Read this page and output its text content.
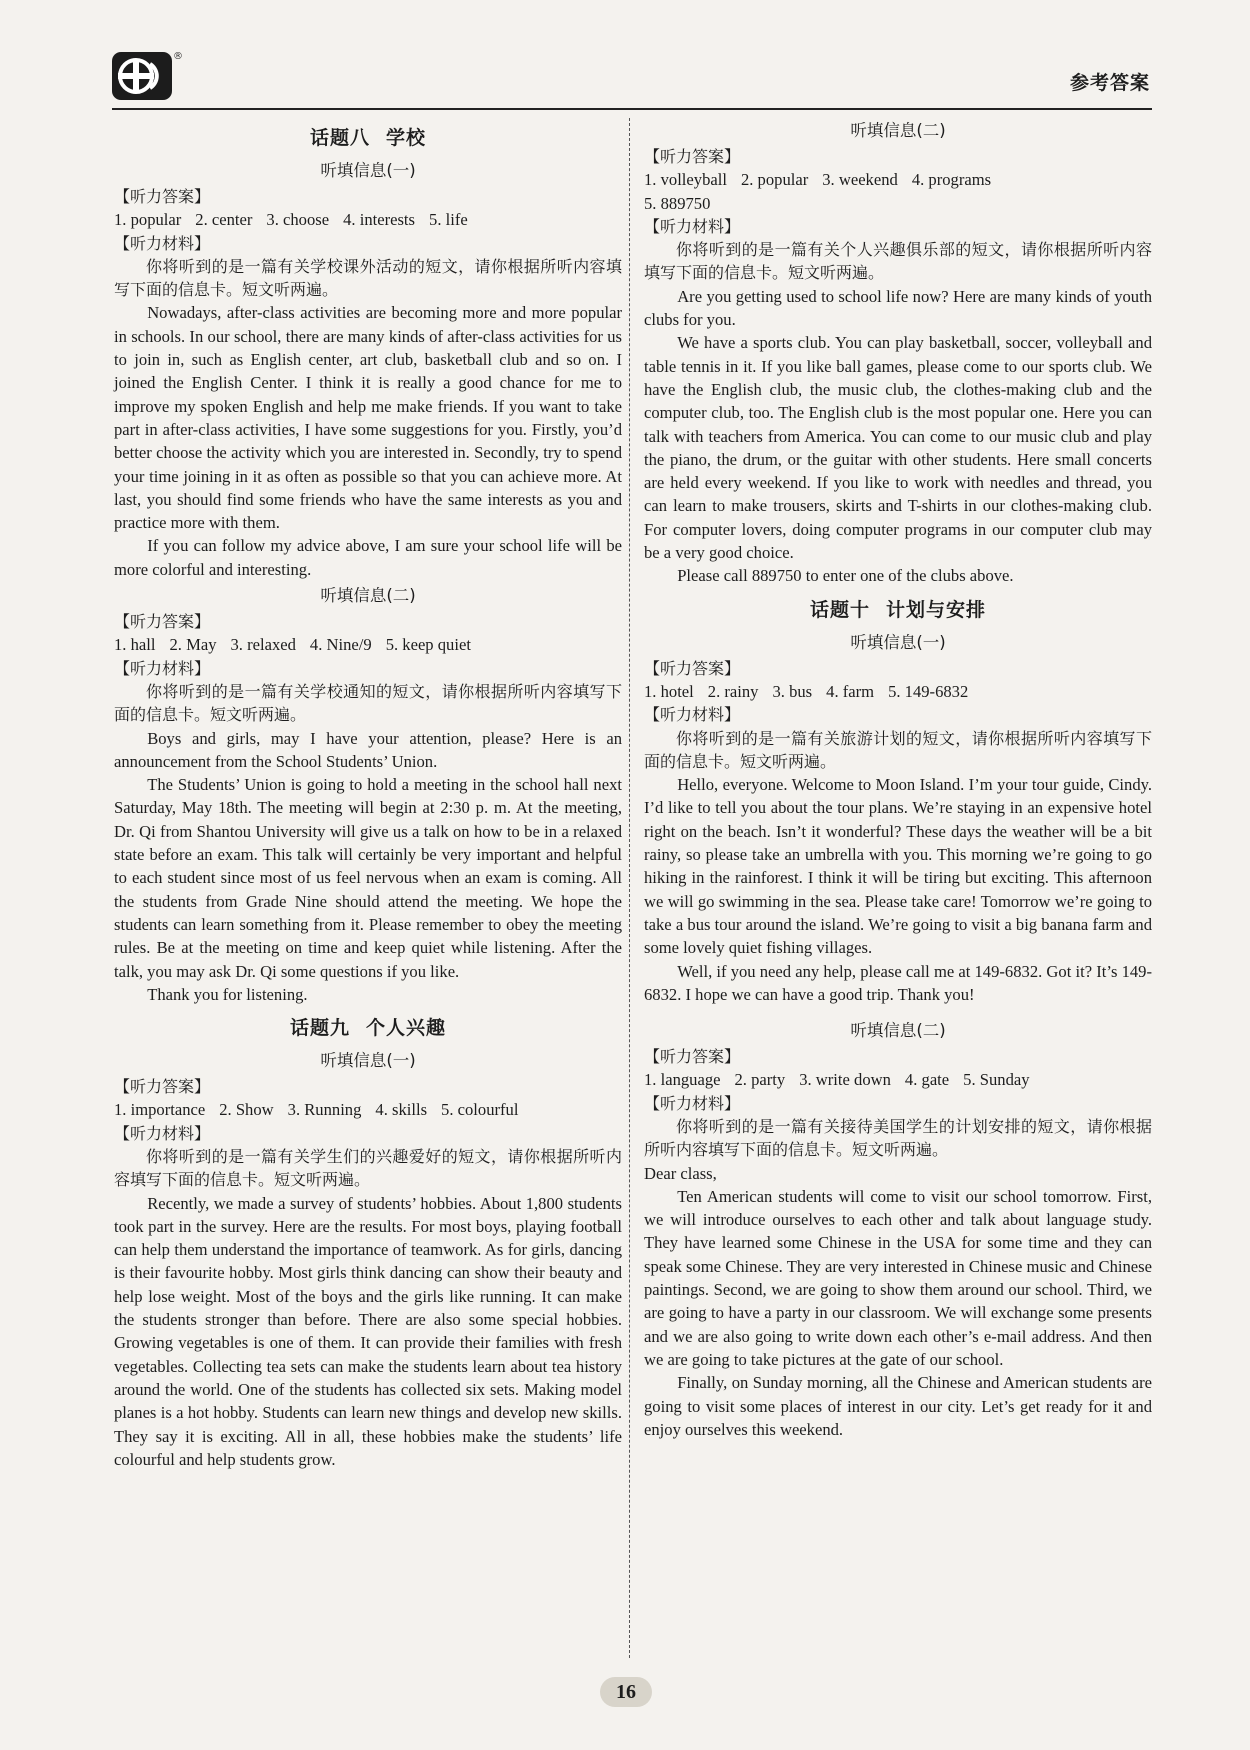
®
参考答案
话题八 学校
听填信息(一)
【听力答案】
1. popular 2. center 3. choose 4. interests 5. life
【听力材料】
你将听到的是一篇有关学校课外活动的短文，请你根据所听内容填写下面的信息卡。短文听两遍。

Nowadays, after-class activities are becoming more and more popular in schools. In our school, there are many kinds of after-class activities for us to join in, such as English center, art club, basketball club and so on. I joined the English Center. I think it is really a good chance for me to improve my spoken English and help me make friends. If you want to take part in after-class activities, I have some suggestions for you. Firstly, you’d better choose the activity which you are interested in. Secondly, try to spend your time joining in it as often as possible so that you can achieve more. At last, you should find some friends who have the same interests as you and practice more with them.

If you can follow my advice above, I am sure your school life will be more colorful and interesting.

听填信息(二)
【听力答案】
1. hall 2. May 3. relaxed 4. Nine/9 5. keep quiet
【听力材料】
你将听到的是一篇有关学校通知的短文，请你根据所听内容填写下面的信息卡。短文听两遍。

Boys and girls, may I have your attention, please? Here is an announcement from the School Students’ Union.

The Students’ Union is going to hold a meeting in the school hall next Saturday, May 18th. The meeting will begin at 2:30 p. m. At the meeting, Dr. Qi from Shantou University will give us a talk on how to be in a relaxed state before an exam. This talk will certainly be very important and helpful to each student since most of us feel nervous when an exam is coming. All the students from Grade Nine should attend the meeting. We hope the students can learn something from it. Please remember to obey the meeting rules. Be at the meeting on time and keep quiet while listening. After the talk, you may ask Dr. Qi some questions if you like.

Thank you for listening.

话题九 个人兴趣
听填信息(一)
【听力答案】
1. importance 2. Show 3. Running 4. skills 5. colourful
【听力材料】
你将听到的是一篇有关学生们的兴趣爱好的短文，请你根据所听内容填写下面的信息卡。短文听两遍。

Recently, we made a survey of students’ hobbies. About 1,800 students took part in the survey. Here are the results. For most boys, playing football can help them understand the importance of teamwork. As for girls, dancing is their favourite hobby. Most girls think dancing can show their beauty and help lose weight. Most of the boys and the girls like running. It can make the students stronger than before. There are also some special hobbies. Growing vegetables is one of them. It can provide their families with fresh vegetables. Collecting tea sets can make the students learn about tea history around the world. One of the students has collected six sets. Making model planes is a hot hobby. Students can learn new things and develop new skills. They say it is exciting. All in all, these hobbies make the students’ life colourful and help students grow.

听填信息(二)
【听力答案】
1. volleyball 2. popular 3. weekend 4. programs
5. 889750
【听力材料】
你将听到的是一篇有关个人兴趣俱乐部的短文，请你根据所听内容填写下面的信息卡。短文听两遍。

Are you getting used to school life now? Here are many kinds of youth clubs for you.

We have a sports club. You can play basketball, soccer, volleyball and table tennis in it. If you like ball games, please come to our sports club. We have the English club, the music club, the clothes-making club and the computer club, too. The English club is the most popular one. Here you can talk with teachers from America. You can come to our music club and play the piano, the drum, or the guitar with other students. Here small concerts are held every weekend. If you like to work with needles and thread, you can learn to make trousers, skirts and T-shirts in our clothes-making club. For computer lovers, doing computer programs in our computer club may be a very good choice.

Please call 889750 to enter one of the clubs above.

话题十 计划与安排
听填信息(一)
【听力答案】
1. hotel 2. rainy 3. bus 4. farm 5. 149-6832
【听力材料】
你将听到的是一篇有关旅游计划的短文，请你根据所听内容填写下面的信息卡。短文听两遍。

Hello, everyone. Welcome to Moon Island. I’m your tour guide, Cindy. I’d like to tell you about the tour plans. We’re staying in an expensive hotel right on the beach. Isn’t it wonderful? These days the weather will be a bit rainy, so please take an umbrella with you. This morning we’re going to go hiking in the rainforest. I think it will be tiring but exciting. This afternoon we will go swimming in the sea. Please take care! Tomorrow we’re going to take a bus tour around the island. We’re going to visit a big banana farm and some lovely quiet fishing villages.

Well, if you need any help, please call me at 149-6832. Got it? It’s 149-6832. I hope we can have a good trip. Thank you!

听填信息(二)
【听力答案】
1. language 2. party 3. write down 4. gate 5. Sunday
【听力材料】
你将听到的是一篇有关接待美国学生的计划安排的短文，请你根据所听内容填写下面的信息卡。短文听两遍。

Dear class,

Ten American students will come to visit our school tomorrow. First, we will introduce ourselves to each other and talk about language study. They have learned some Chinese in the USA for some time and they can speak some Chinese. They are very interested in Chinese music and Chinese paintings. Second, we are going to show them around our school. Third, we are going to have a party in our classroom. We will exchange some presents and we are also going to write down each other’s e-mail address. And then we are going to take pictures at the gate of our school.

Finally, on Sunday morning, all the Chinese and American students are going to visit some places of interest in our city. Let’s get ready for it and enjoy ourselves this weekend.

16
